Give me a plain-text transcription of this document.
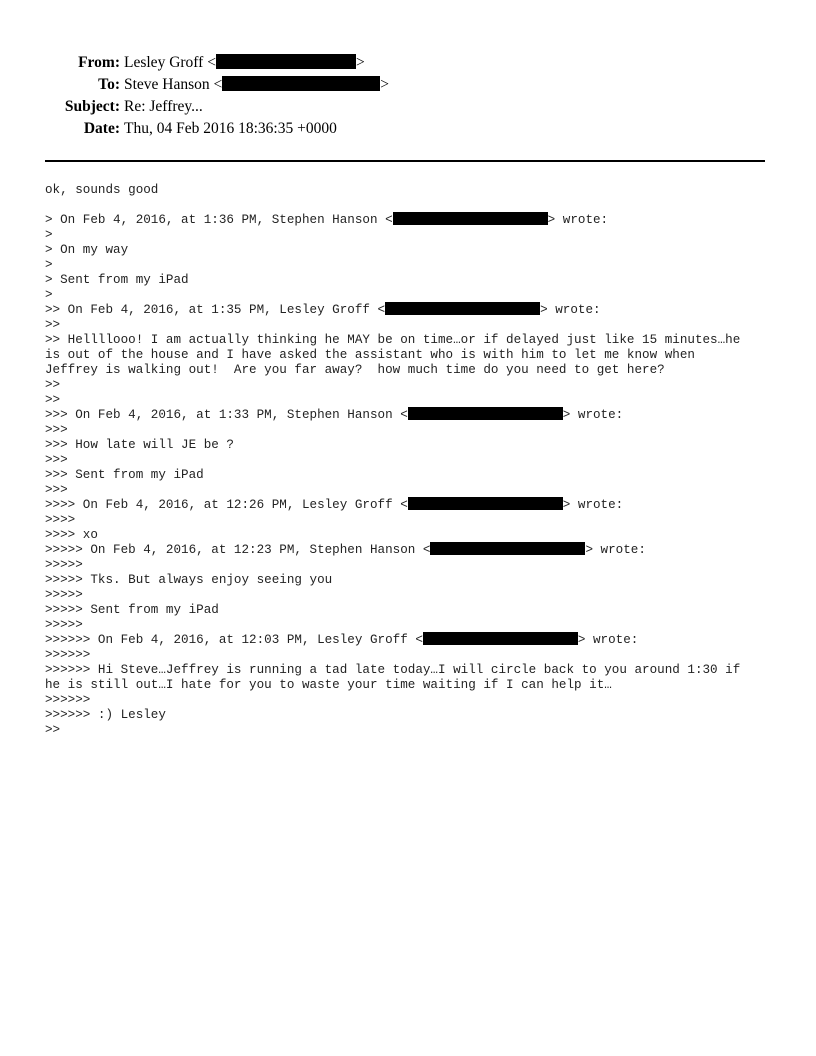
From: Lesley Groff <	>
To: Steve Hanson <	>
Subject: Re: Jeffrey...
Date: Thu, 04 Feb 2016 18:36:35 +0000
ok, sounds good
> On Feb 4, 2016, at 1:36 PM, Stephen Hanson <	> wrote:
>
> On my way
>
> Sent from my iPad
>
>> On Feb 4, 2016, at 1:35 PM, Lesley Groff <	> wrote:
>>
>> Hellllooo! I am actually thinking he MAY be on time…or if delayed just like 15 minutes…he
is out of the house and I have asked the assistant who is with him to let me know when
Jeffrey is walking out!  Are you far away?  how much time do you need to get here?
>>
>>
>>> On Feb 4, 2016, at 1:33 PM, Stephen Hanson <	> wrote:
>>>
>>> How late will JE be ?
>>>
>>> Sent from my iPad
>>>
>>>> On Feb 4, 2016, at 12:26 PM, Lesley Groff <	> wrote:
>>>>
>>>> xo
>>>>> On Feb 4, 2016, at 12:23 PM, Stephen Hanson <	> wrote:
>>>>>
>>>>> Tks. But always enjoy seeing you
>>>>>
>>>>> Sent from my iPad
>>>>>
>>>>>> On Feb 4, 2016, at 12:03 PM, Lesley Groff <	> wrote:
>>>>>>
>>>>>> Hi Steve…Jeffrey is running a tad late today…I will circle back to you around 1:30 if
he is still out…I hate for you to waste your time waiting if I can help it…
>>>>>>
>>>>>> :) Lesley
>>
